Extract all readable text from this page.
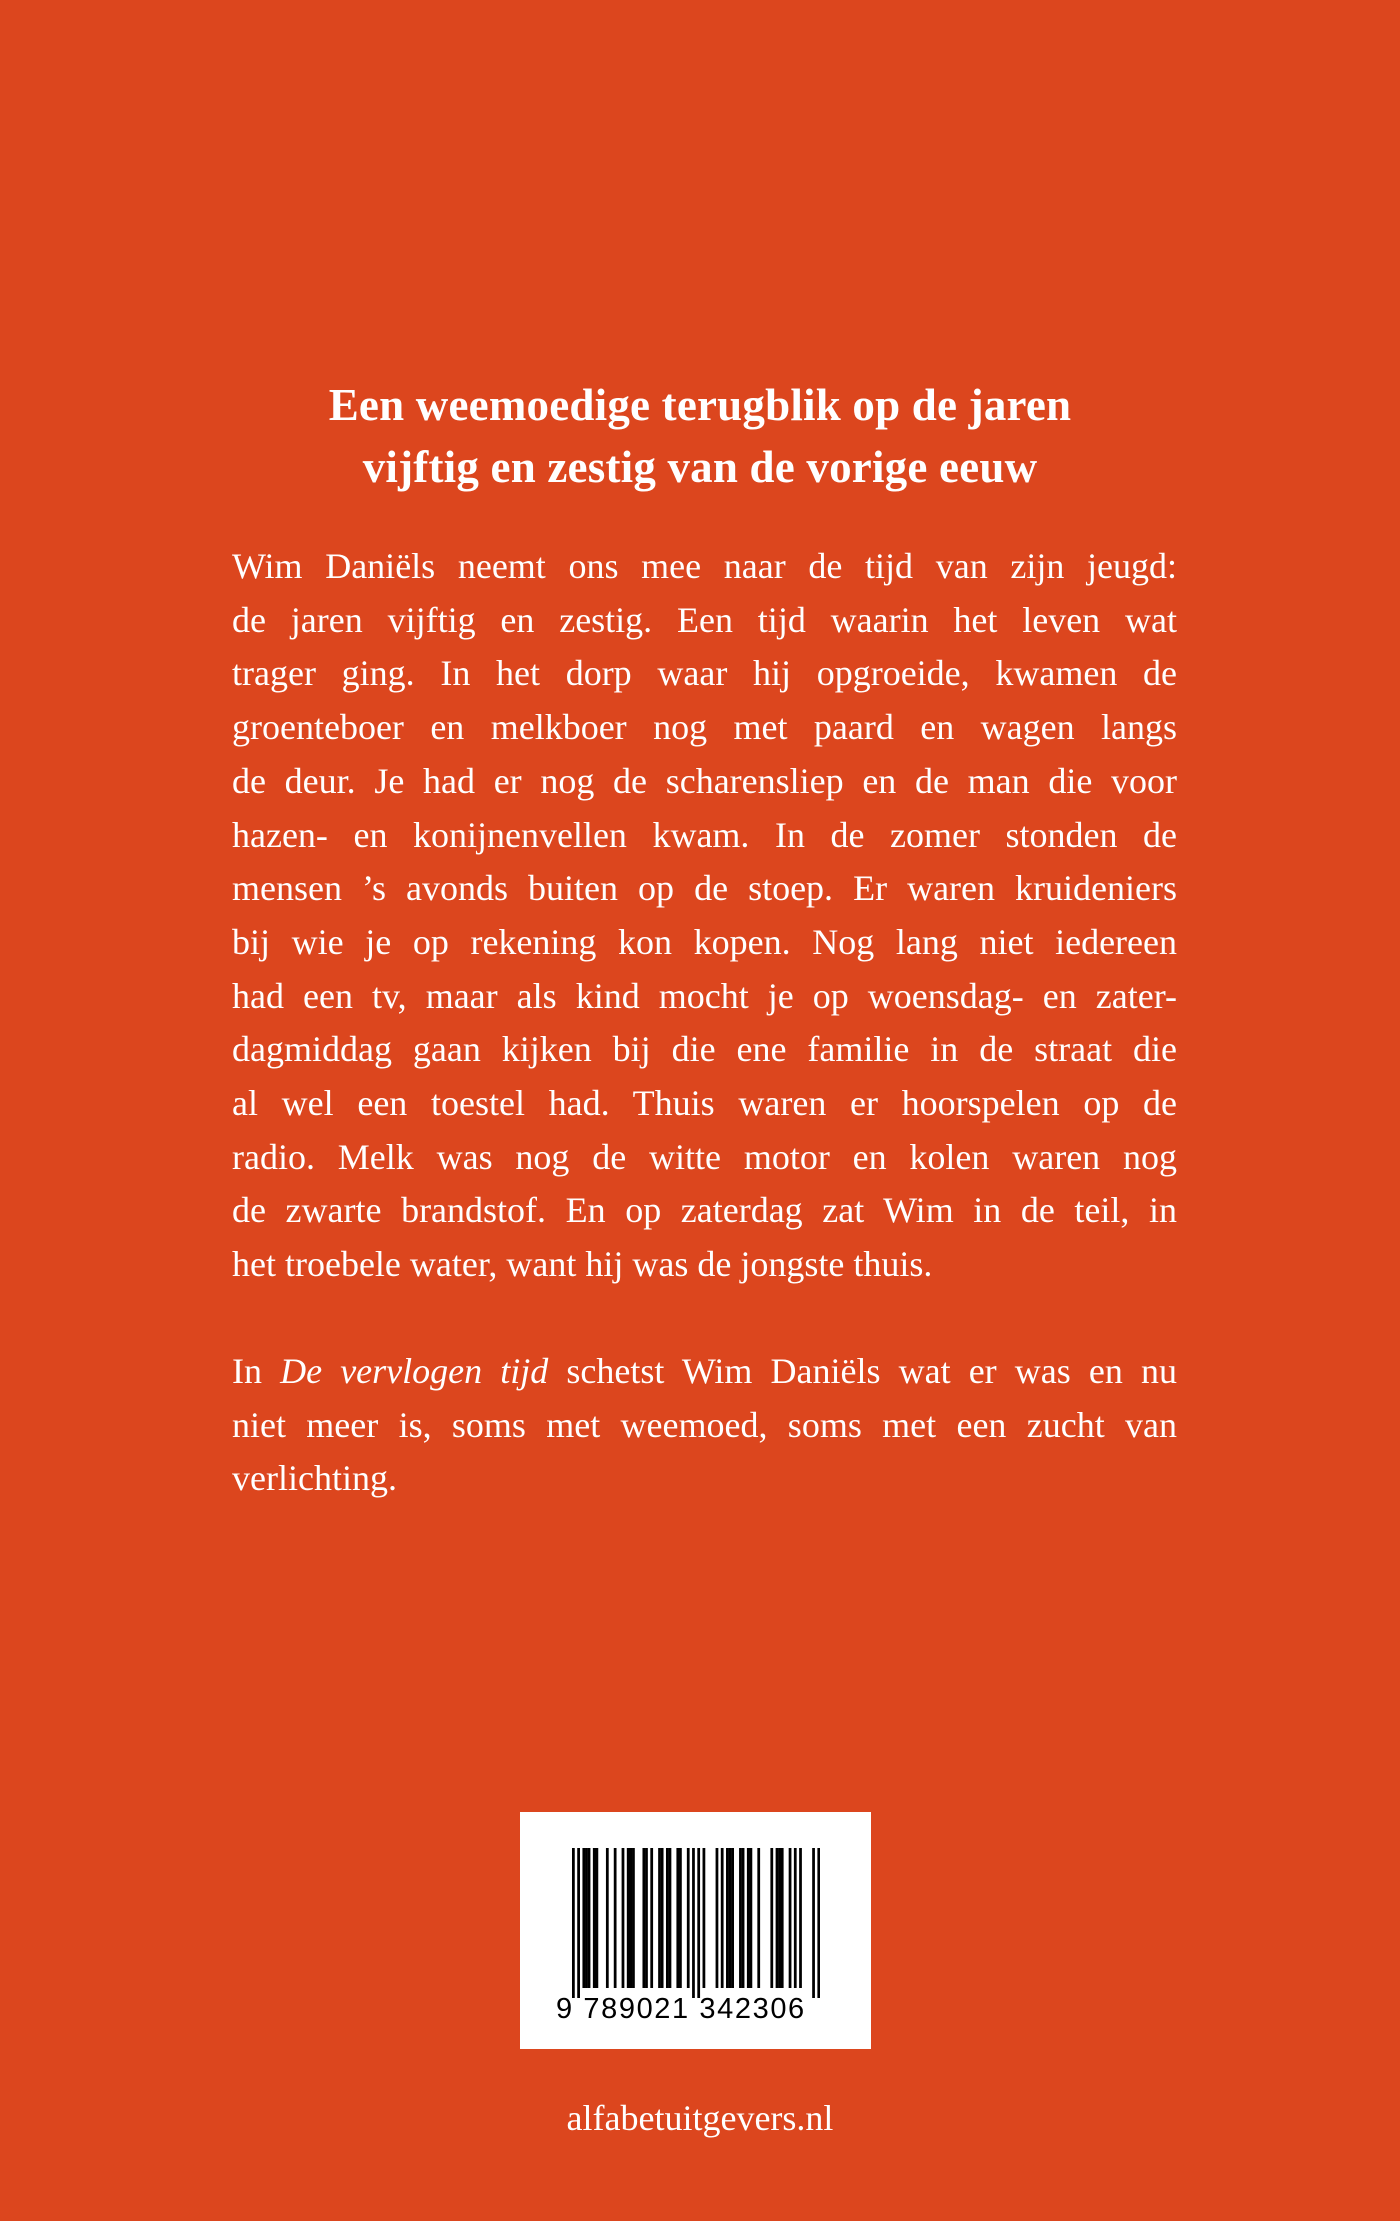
Een weemoedige terugblik op de jaren
vijftig en zestig van de vorige eeuw
Wim Daniëls neemt ons mee naar de tijd van zijn jeugd:
de jaren vijftig en zestig. Een tijd waarin het leven wat
trager ging. In het dorp waar hij opgroeide, kwamen de
groenteboer en melkboer nog met paard en wagen langs
de deur. Je had er nog de scharensliep en de man die voor
hazen- en konijnenvellen kwam. In de zomer stonden de
mensen ’s avonds buiten op de stoep. Er waren kruideniers
bij wie je op rekening kon kopen. Nog lang niet iedereen
had een tv, maar als kind mocht je op woensdag- en zater-
dagmiddag gaan kijken bij die ene familie in de straat die
al wel een toestel had. Thuis waren er hoorspelen op de
radio. Melk was nog de witte motor en kolen waren nog
de zwarte brandstof. En op zaterdag zat Wim in de teil, in
het troebele water, want hij was de jongste thuis.
In De vervlogen tijd schetst Wim Daniëls wat er was en nu
niet meer is, soms met weemoed, soms met een zucht van
verlichting.
9 789021 342306
alfabetuitgevers.nl
